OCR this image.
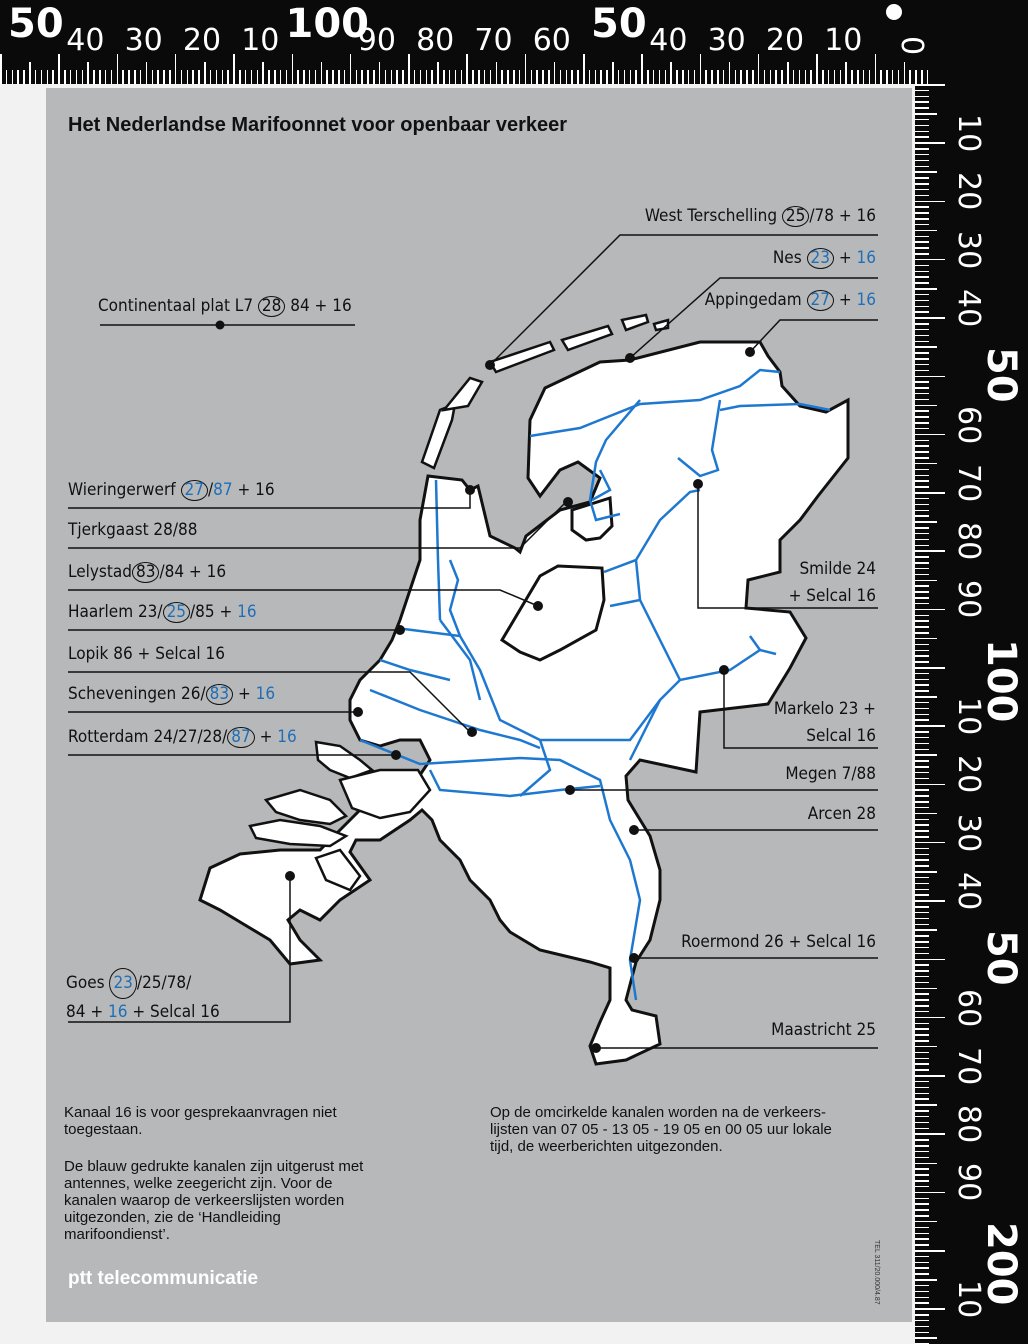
50 40 30 20 10 100
90 80 70 60 50 40 30 20 10 0
10
20
30
40
50
60
70
80
90
100
10
20
30
40
50
60
70
80
90
200
10
Het Nederlandse Marifoonnet voor openbaar verkeer
West Terschelling 25 /78 + 16
Nes 23 + 16
Appingedam 27 + 16
Continentaal plat L7 28 84 + 16
Wieringerwerf 27 /87 + 16
Tjerkgaast 28/88
Lelystad 83 /84 + 16
Haarlem 23/ 25 /85 + 16
Lopik 86 + Selcal 16
Scheveningen 26/ 83 + 16
Rotterdam 24/27/28/ 87 + 16
Goes 23 /25/78/
84 + 16 + Selcal 16
Smilde 24
+ Selcal 16
Markelo 23 +
Selcal 16
Megen 7/88
Arcen 28
Roermond 26 + Selcal 16
Maastricht 25
Kanaal 16 is voor gesprekaanvragen niet
toegestaan.
De blauw gedrukte kanalen zijn uitgerust met
antennes, welke zeegericht zijn. Voor de
kanalen waarop de verkeerslijsten worden
uitgezonden, zie de ‘Handleiding
marifoondienst’.
Op de omcirkelde kanalen worden na de verkeers-
lijsten van 07 05 - 13 05 - 19 05 en 00 05 uur lokale
tijd, de weerberichten uitgezonden.
ptt telecommunicatie	TEL 311/20.000/4.87
